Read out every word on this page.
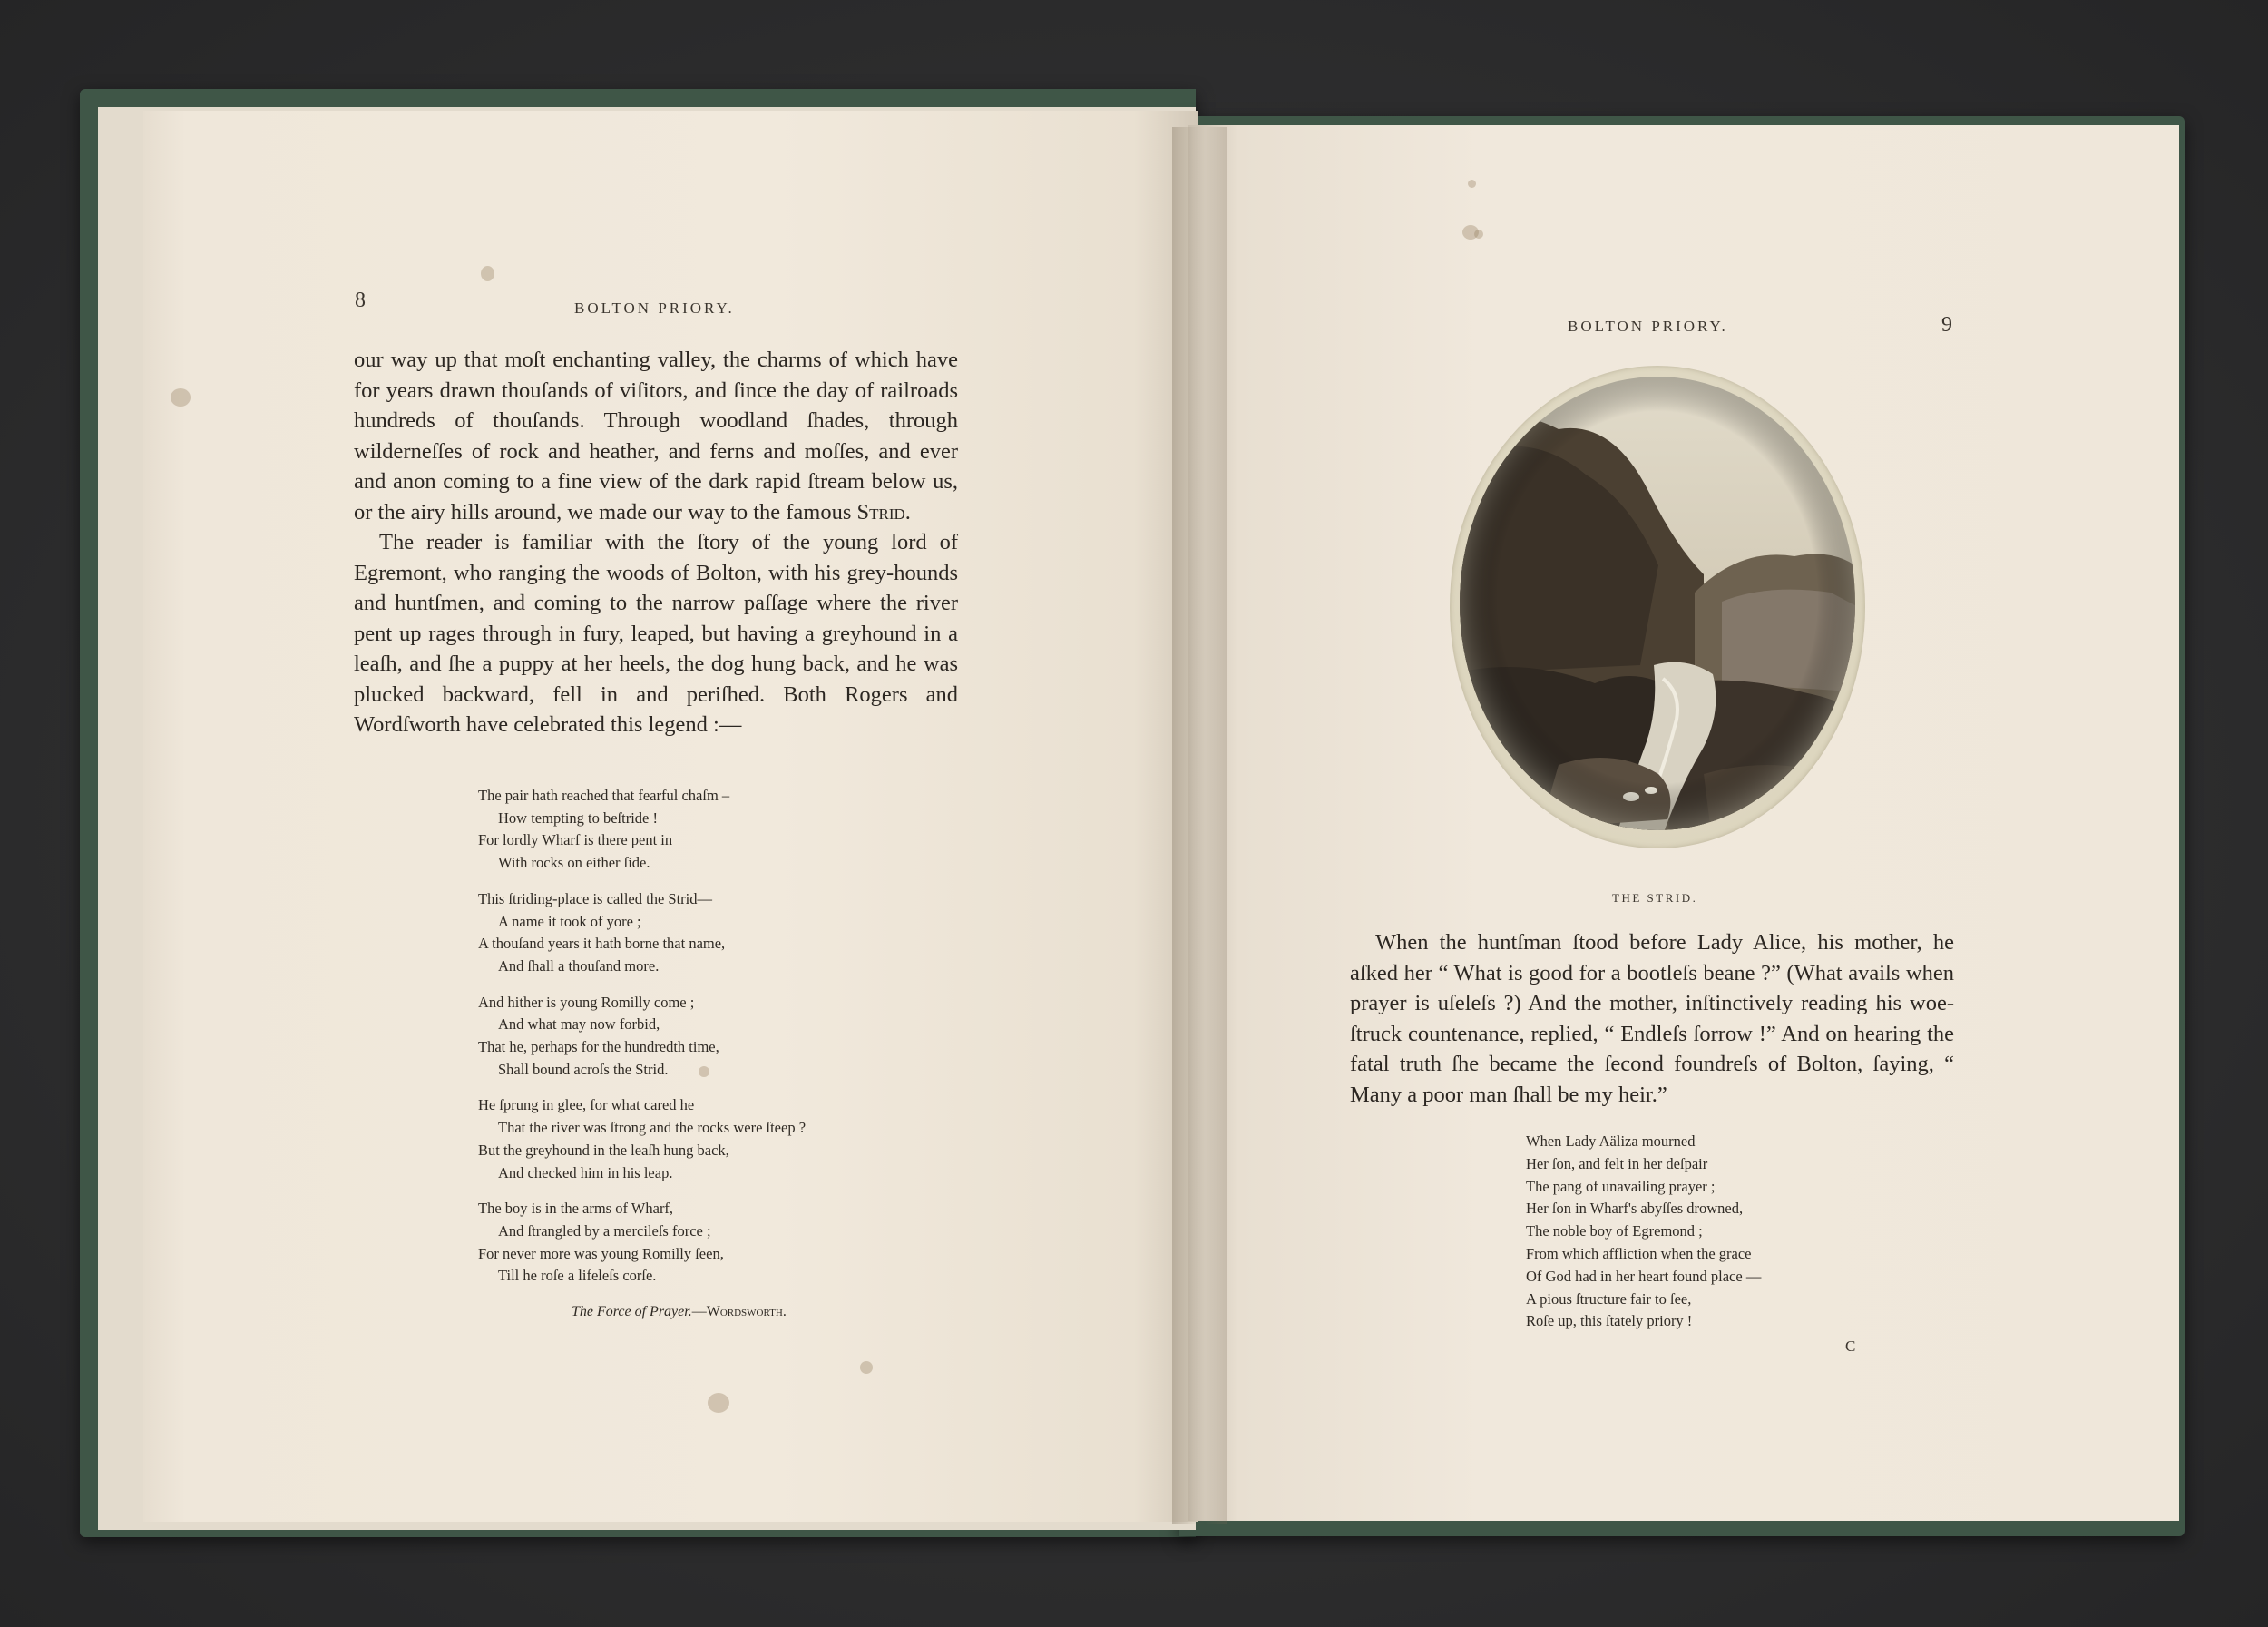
8	BOLTON PRIORY.

our way up that moſt enchanting valley, the charms of which have for years drawn thouſands of viſitors, and ſince the day of railroads hundreds of thouſands. Through woodland ſhades, through wilderneſſes of rock and heather, and ferns and moſſes, and ever and anon coming to a fine view of the dark rapid ſtream below us, or the airy hills around, we made our way to the famous Strid.

The reader is familiar with the ſtory of the young lord of Egremont, who ranging the woods of Bolton, with his grey-hounds and huntſmen, and coming to the narrow paſſage where the river pent up rages through in fury, leaped, but having a greyhound in a leaſh, and ſhe a puppy at her heels, the dog hung back, and he was plucked backward, fell in and periſhed. Both Rogers and Wordſworth have celebrated this legend :—

The pair hath reached that fearful chaſm –
How tempting to beſtride !
For lordly Wharf is there pent in
With rocks on either ſide.
This ſtriding-place is called the Strid—
A name it took of yore ;
A thouſand years it hath borne that name,
And ſhall a thouſand more.
And hither is young Romilly come ;
And what may now forbid,
That he, perhaps for the hundredth time,
Shall bound acroſs the Strid.
He ſprung in glee, for what cared he
That the river was ſtrong and the rocks were ſteep ?
But the greyhound in the leaſh hung back,
And checked him in his leap.
The boy is in the arms of Wharf,
And ſtrangled by a mercileſs force ;
For never more was young Romilly ſeen,
Till he roſe a lifeleſs corſe.
The Force of Prayer.—Wordsworth.
BOLTON PRIORY.	9
THE STRID.

When the huntſman ſtood before Lady Alice, his mother, he aſked her “ What is good for a bootleſs beane ?” (What avails when prayer is uſeleſs ?) And the mother, inſtinctively reading his woe-ſtruck countenance, replied, “ Endleſs ſorrow !” And on hearing the fatal truth ſhe became the ſecond foundreſs of Bolton, ſaying, “ Many a poor man ſhall be my heir.”

When Lady Aäliza mourned
Her ſon, and felt in her deſpair
The pang of unavailing prayer ;
Her ſon in Wharf's abyſſes drowned,
The noble boy of Egremond ;
From which affliction when the grace
Of God had in her heart found place —
A pious ſtructure fair to ſee,
Roſe up, this ſtately priory !
C
